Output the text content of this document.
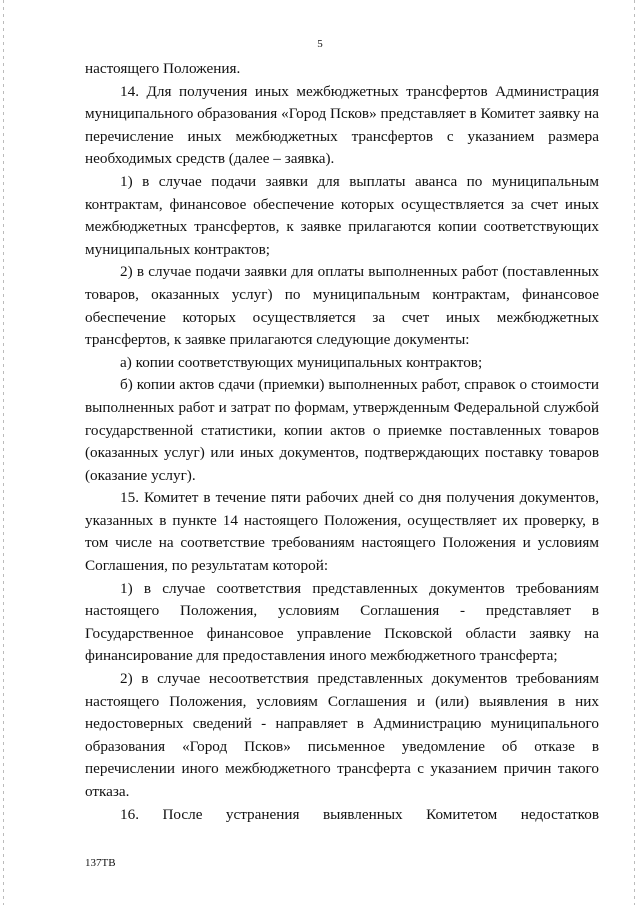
5

настоящего Положения.

14. Для получения иных межбюджетных трансфертов Администрация муниципального образования «Город Псков» представляет в Комитет заявку на перечисление иных межбюджетных трансфертов с указанием размера необходимых средств (далее – заявка).

1) в случае подачи заявки для выплаты аванса по муниципальным контрактам, финансовое обеспечение которых осуществляется за счет иных межбюджетных трансфертов, к заявке прилагаются копии соответствующих муниципальных контрактов;

2) в случае подачи заявки для оплаты выполненных работ (поставленных товаров, оказанных услуг) по муниципальным контрактам, финансовое обеспечение которых осуществляется за счет иных межбюджетных трансфертов, к заявке прилагаются следующие документы:

а) копии соответствующих муниципальных контрактов;

б) копии актов сдачи (приемки) выполненных работ, справок о стоимости выполненных работ и затрат по формам, утвержденным Федеральной службой государственной статистики, копии актов о приемке поставленных товаров (оказанных услуг) или иных документов, подтверждающих поставку товаров (оказание услуг).

15. Комитет в течение пяти рабочих дней со дня получения документов, указанных в пункте 14 настоящего Положения, осуществляет их проверку, в том числе на соответствие требованиям настоящего Положения и условиям Соглашения, по результатам которой:

1) в случае соответствия представленных документов требованиям настоящего Положения, условиям Соглашения - представляет в Государственное финансовое управление Псковской области заявку на финансирование для предоставления иного межбюджетного трансферта;

2) в случае несоответствия представленных документов требованиям настоящего Положения, условиям Соглашения и (или) выявления в них недостоверных сведений - направляет в Администрацию муниципального образования «Город Псков» письменное уведомление об отказе в перечислении иного межбюджетного трансферта с указанием причин такого отказа.

16. После устранения выявленных Комитетом недостатков

137ТВ
